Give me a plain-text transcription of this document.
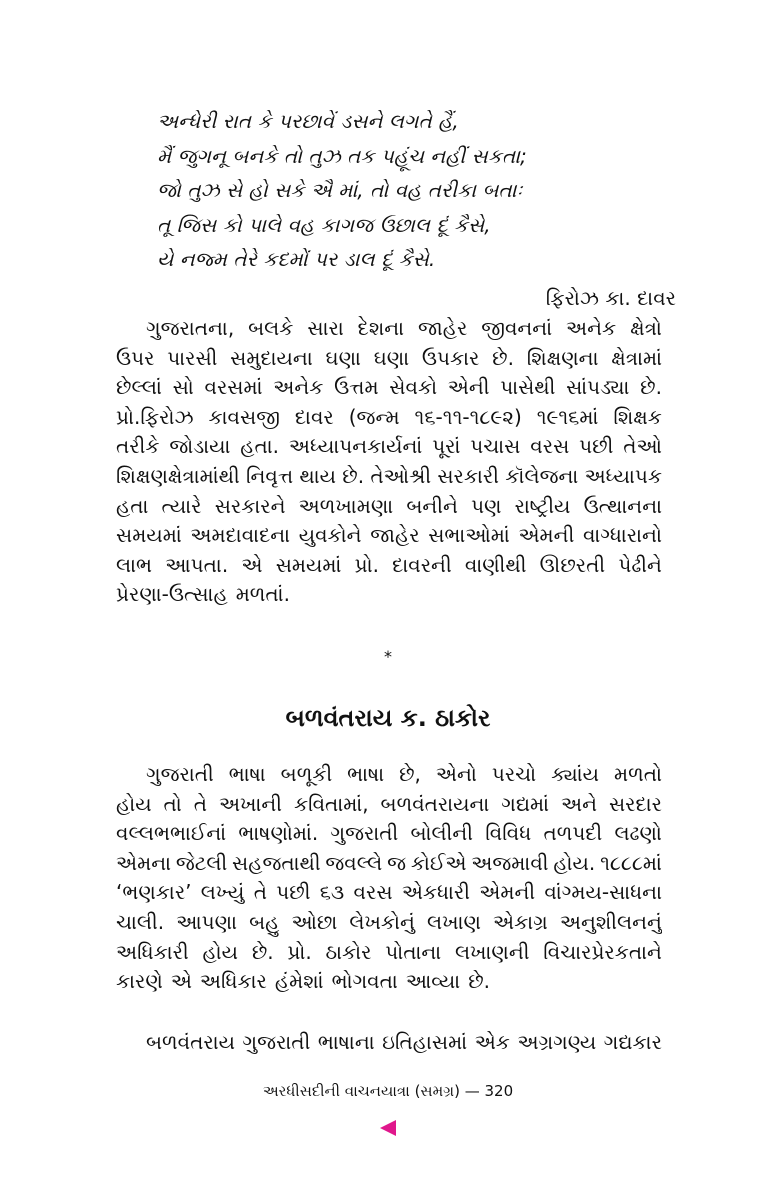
અન્ધેરી રાત કે પરછાવેં ડસને લગતે હૈં,
મૈં જુગનૂ બનકે તો તુઝ તક પહૂંચ નહીં સકતા;
જો તુઝ સે હો સકે ઐ માં, તો વહ તરીકા બતાઃ
તૂ જિસ કો પાલે વહ કાગજ ઉછાલ દૂં કૈસે,
યે નજ્મ તેરે કદમોં પર ડાલ દૂં કૈસે.
ફિરોઝ કા. દાવર
ગુજરાતના, બલકે સારા દેશના જાહેર જીવનનાં અનેક ક્ષેત્રો
ઉપર પારસી સમુદાયના ઘણા ઘણા ઉપકાર છે. શિક્ષણના ક્ષેત્રામાં
છેલ્લાં સો વરસમાં અનેક ઉત્તમ સેવકો એની પાસેથી સાંપડ્યા છે.
પ્રો.ફિરોઝ કાવસજી દાવર (જન્મ ૧૬-૧૧-૧૮૯૨) ૧૯૧૬માં શિક્ષક
તરીકે જોડાયા હતા. અધ્યાપનકાર્યનાં પૂરાં પચાસ વરસ પછી તેઓ
શિક્ષણક્ષેત્રામાંથી નિવૃત્ત થાય છે. તેઓશ્રી સરકારી કૉલેજના અધ્યાપક
હતા ત્યારે સરકારને અળખામણા બનીને પણ રાષ્ટ્રીય ઉત્થાનના
સમયમાં અમદાવાદના યુવકોને જાહેર સભાઓમાં એમની વાગ્ધારાનો
લાભ આપતા. એ સમયમાં પ્રો. દાવરની વાણીથી ઊછરતી પેઢીને
પ્રેરણા-ઉત્સાહ મળતાં.
*
બળવંતરાય ક. ઠાકોર
ગુજરાતી ભાષા બળૂકી ભાષા છે, એનો પરચો ક્યાંય મળતો
હોય તો તે અખાની કવિતામાં, બળવંતરાયના ગદ્યમાં અને સરદાર
વલ્લભભાઈનાં ભાષણોમાં. ગુજરાતી બોલીની વિવિધ તળપદી લઢણો
એમના જેટલી સહજતાથી જવલ્લે જ કોઈએ અજમાવી હોય. ૧૮૮૮માં
‘ભણકાર’ લખ્યું તે પછી ૬૩ વરસ એકધારી એમની વાંગ્મય-સાધના
ચાલી. આપણા બહુ ઓછા લેખકોનું લખાણ એકાગ્ર અનુશીલનનું
અધિકારી હોય છે. પ્રો. ઠાકોર પોતાના લખાણની વિચારપ્રેરકતાને
કારણે એ અધિકાર હંમેશાં ભોગવતા આવ્યા છે.
બળવંતરાય ગુજરાતી ભાષાના ઇતિહાસમાં એક અગ્રગણ્ય ગદ્યકાર
અરધીસદીની વાચનયાત્રા (સમગ્ર) — 320
